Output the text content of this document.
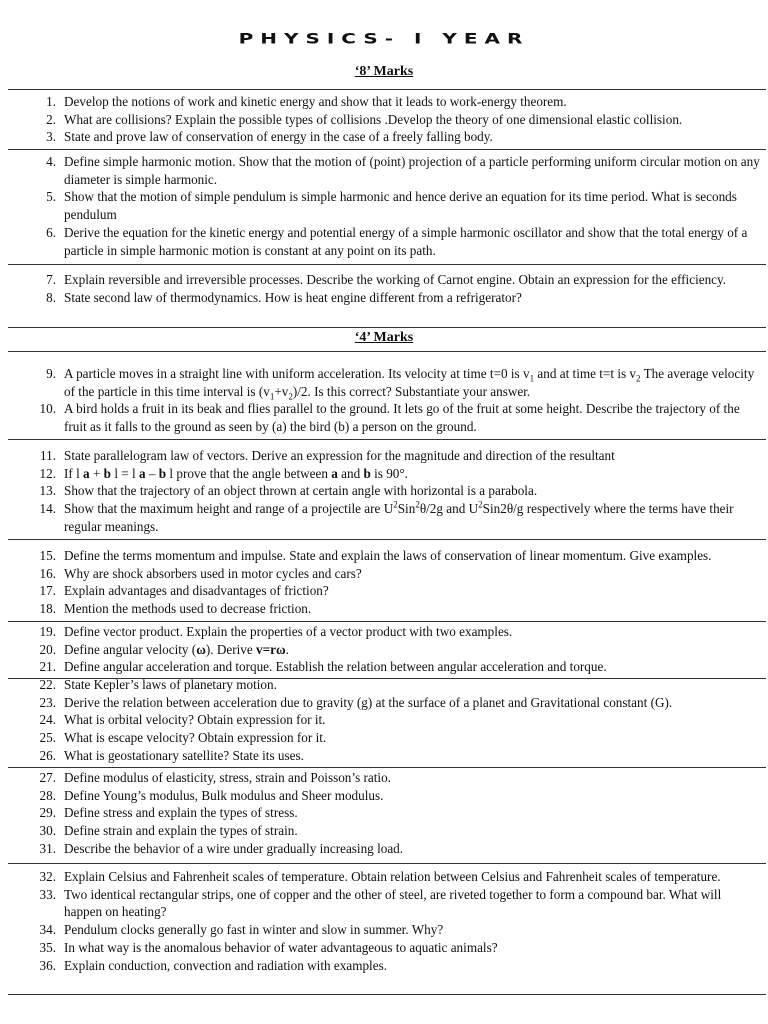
PHYSICS- I YEAR
‘8’ Marks
1. Develop the notions of work and kinetic energy and show that it leads to work-energy theorem.
2. What are collisions? Explain the possible types of collisions .Develop the theory of one dimensional elastic collision.
3. State and prove law of conservation of energy in the case of a freely falling body.
4. Define simple harmonic motion. Show that the motion of (point) projection of a particle performing uniform circular motion on any diameter is simple harmonic.
5. Show that the motion of simple pendulum is simple harmonic and hence derive an equation for its time period. What is seconds pendulum
6. Derive the equation for the kinetic energy and potential energy of a simple harmonic oscillator and show that the total energy of a particle in simple harmonic motion is constant at any point on its path.
7. Explain reversible and irreversible processes. Describe the working of Carnot engine. Obtain an expression for the efficiency.
8. State second law of thermodynamics. How is heat engine different from a refrigerator?
‘4’ Marks
9. A particle moves in a straight line with uniform acceleration. Its velocity at time t=0 is $v_1$ and at time t=t is $v_2$ The average velocity of the particle in this time interval is $(v_1+v_2)/2$. Is this correct? Substantiate your answer.
10. A bird holds a fruit in its beak and flies parallel to the ground. It lets go of the fruit at some height. Describe the trajectory of the fruit as it falls to the ground as seen by (a) the bird (b) a person on the ground.
11. State parallelogram law of vectors. Derive an expression for the magnitude and direction of the resultant
12. If l a + b l = l a – b l prove that the angle between a and b is 90°.
13. Show that the trajectory of an object thrown at certain angle with horizontal is a parabola.
14. Show that the maximum height and range of a projectile are $U^2Sin^2\theta/2g$ and $U^2Sin2\theta/g$ respectively where the terms have their regular meanings.
15. Define the terms momentum and impulse. State and explain the laws of conservation of linear momentum. Give examples.
16. Why are shock absorbers used in motor cycles and cars?
17. Explain advantages and disadvantages of friction?
18. Mention the methods used to decrease friction.
19. Define vector product. Explain the properties of a vector product with two examples.
20. Define angular velocity (ω). Derive v=rω.
21. Define angular acceleration and torque. Establish the relation between angular acceleration and torque.
22. State Kepler’s laws of planetary motion.
23. Derive the relation between acceleration due to gravity (g) at the surface of a planet and Gravitational constant (G).
24. What is orbital velocity? Obtain expression for it.
25. What is escape velocity? Obtain expression for it.
26. What is geostationary satellite? State its uses.
27. Define modulus of elasticity, stress, strain and Poisson’s ratio.
28. Define Young’s modulus, Bulk modulus and Sheer modulus.
29. Define stress and explain the types of stress.
30. Define strain and explain the types of strain.
31. Describe the behavior of a wire under gradually increasing load.
32. Explain Celsius and Fahrenheit scales of temperature. Obtain relation between Celsius and Fahrenheit scales of temperature.
33. Two identical rectangular strips, one of copper and the other of steel, are riveted together to form a compound bar. What will happen on heating?
34. Pendulum clocks generally go fast in winter and slow in summer. Why?
35. In what way is the anomalous behavior of water advantageous to aquatic animals?
36. Explain conduction, convection and radiation with examples.
